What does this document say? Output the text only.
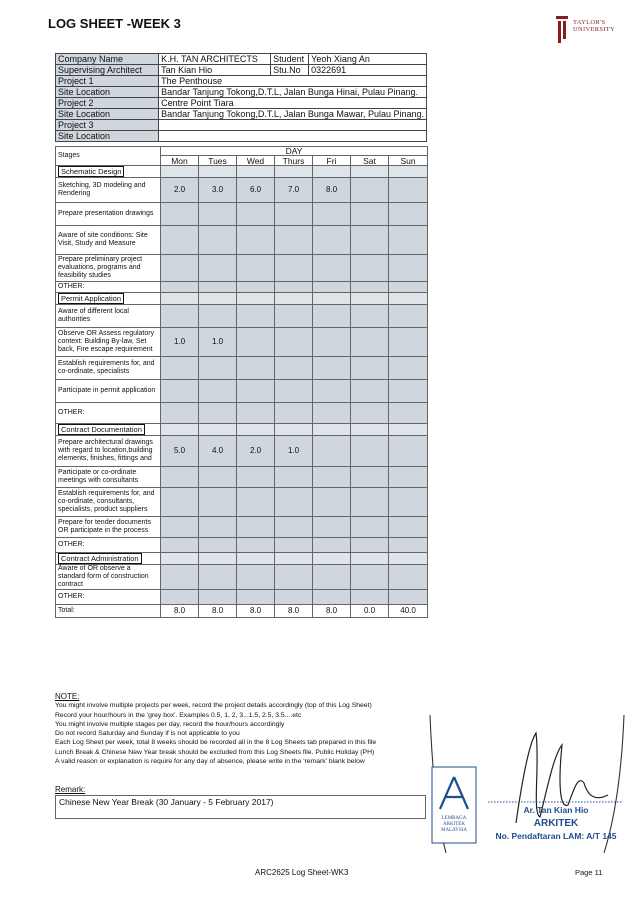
LOG SHEET -WEEK 3	TAYLOR'S
UNIVERSITY
Company Name	K.H. TAN ARCHITECTS	Student	Yeoh Xiang An
Supervising Architect	Tan Kian Hio	Stu.No	0322691
Project 1	The Penthouse		
Site Location	Bandar Tanjung Tokong,D.T.L, Jalan Bunga Hinai, Pulau Pinang.		
Project 2	Centre Point Tiara		
Site Location	Bandar Tanjung Tokong,D.T.L, Jalan Bunga Mawar, Pulau Pinang.		
Project 3			
Site Location			
Stages	DAY						
	Mon	Tues	Wed	Thurs	Fri	Sat	Sun
Schematic Design							
Sketching, 3D modeling and Rendering	2.0	3.0	6.0	7.0	8.0		
Prepare presentation drawings							
Aware of site conditions: Site Visit, Study and Measure							
Prepare preliminary project evaluations, programs and feasibility studies							
OTHER:							
Permit Application							
Aware of different local authorities							
Observe OR Assess regulatory context: Building By-law, Set back, Fire escape requirement	1.0	1.0					
Establish requirements for, and co-ordinate, specialists							
Participate in permit application							
OTHER:							
Contract Documentation							
Prepare architectural drawings with regard to location,building elements, finishes, fittings and	5.0	4.0	2.0	1.0			
Participate or co-ordinate meetings with consultants							
Establish requirements for, and co-ordinate, consultants, specialists, product suppliers							
Prepare for tender documents OR participate in the process							
OTHER:							
Contract Administration							
Aware of OR observe a standard form of construction contract							
OTHER:							
Total:	8.0	8.0	8.0	8.0	8.0	0.0	40.0
NOTE:
You might involve multiple projects per week, record the project details accordingly (top of this Log Sheet)
Record your hour/hours in the 'grey box'. Examples 0.5, 1, 2, 3...1.5, 2.5, 3.5....etc
You might involve multiple stages per day, record the hour/hours accordingly
Do not record Saturday and Sunday if is not applicable to you
Each Log Sheet per week, total 8 weeks should be recorded all in the 8 Log Sheets tab prepared in this file
Lunch Break & Chinese New Year break should be excluded from this Log Sheets file. Public Holiday (PH)
A valid reason or explanation is require for any day of absence, please write in the 'remark' blank below
Remark:
Chinese New Year Break (30 January - 5 February 2017)
LEMBAGA
ARKITEK
MALAYSIA
Ar. Tan Kian Hio
ARKITEK
No. Pendaftaran LAM: A/T 145
ARC2625 Log Sheet-WK3	Page 11
